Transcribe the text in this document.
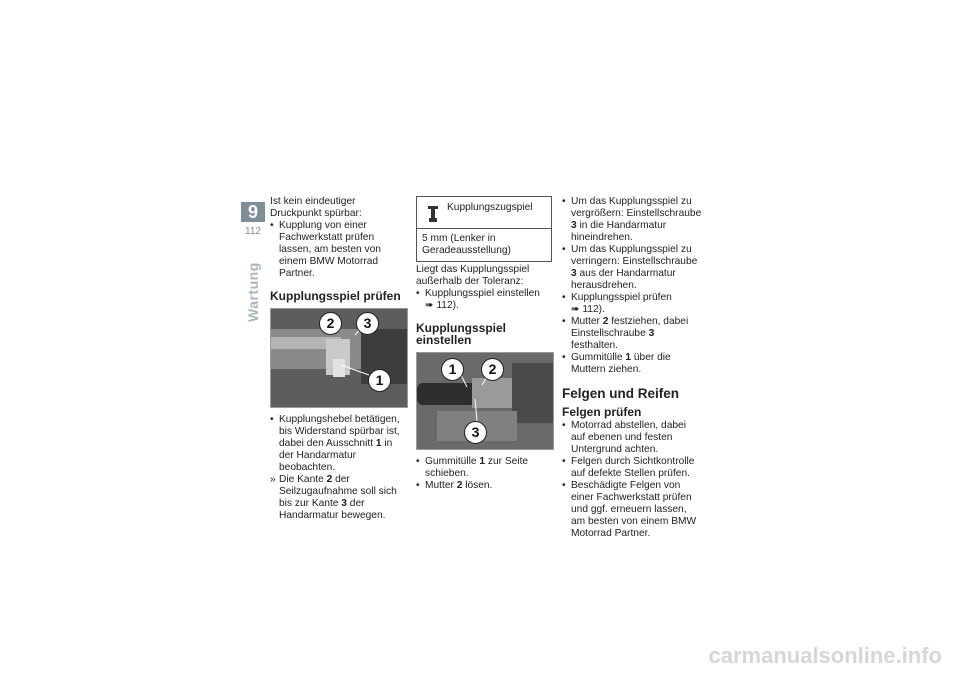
9
112
Wartung

Ist kein eindeutiger Druckpunkt spürbar:

• Kupplung von einer Fachwerkstatt prüfen lassen, am besten von einem BMW Motorrad Partner.

Kupplungsspiel prüfen
2	3
1

• Kupplungshebel betätigen, bis Widerstand spürbar ist, dabei den Ausschnitt 1 in der Handarmatur beobachten.

» Die Kante 2 der Seilzugaufnahme soll sich bis zur Kante 3 der Handarmatur bewegen.

Kupplungszugspiel
5 mm (Lenker in Geradeausstellung)

Liegt das Kupplungsspiel außerhalb der Toleranz:

• Kupplungsspiel einstellen
➠ 112).

Kupplungsspiel einstellen
1	2
3

• Gummitülle 1 zur Seite schieben.

• Mutter 2 lösen.

• Um das Kupplungsspiel zu vergrößern: Einstellschraube 3 in die Handarmatur hineindrehen.

• Um das Kupplungsspiel zu verringern: Einstellschraube 3 aus der Handarmatur herausdrehen.

• Kupplungsspiel prüfen
➠ 112).

• Mutter 2 festziehen, dabei Einstellschraube 3 festhalten.

• Gummitülle 1 über die Muttern ziehen.

Felgen und Reifen
Felgen prüfen

• Motorrad abstellen, dabei auf ebenen und festen Untergrund achten.

• Felgen durch Sichtkontrolle auf defekte Stellen prüfen.

• Beschädigte Felgen von einer Fachwerkstatt prüfen und ggf. erneuern lassen, am besten von einem BMW Motorrad Partner.

carmanualsonline.info
